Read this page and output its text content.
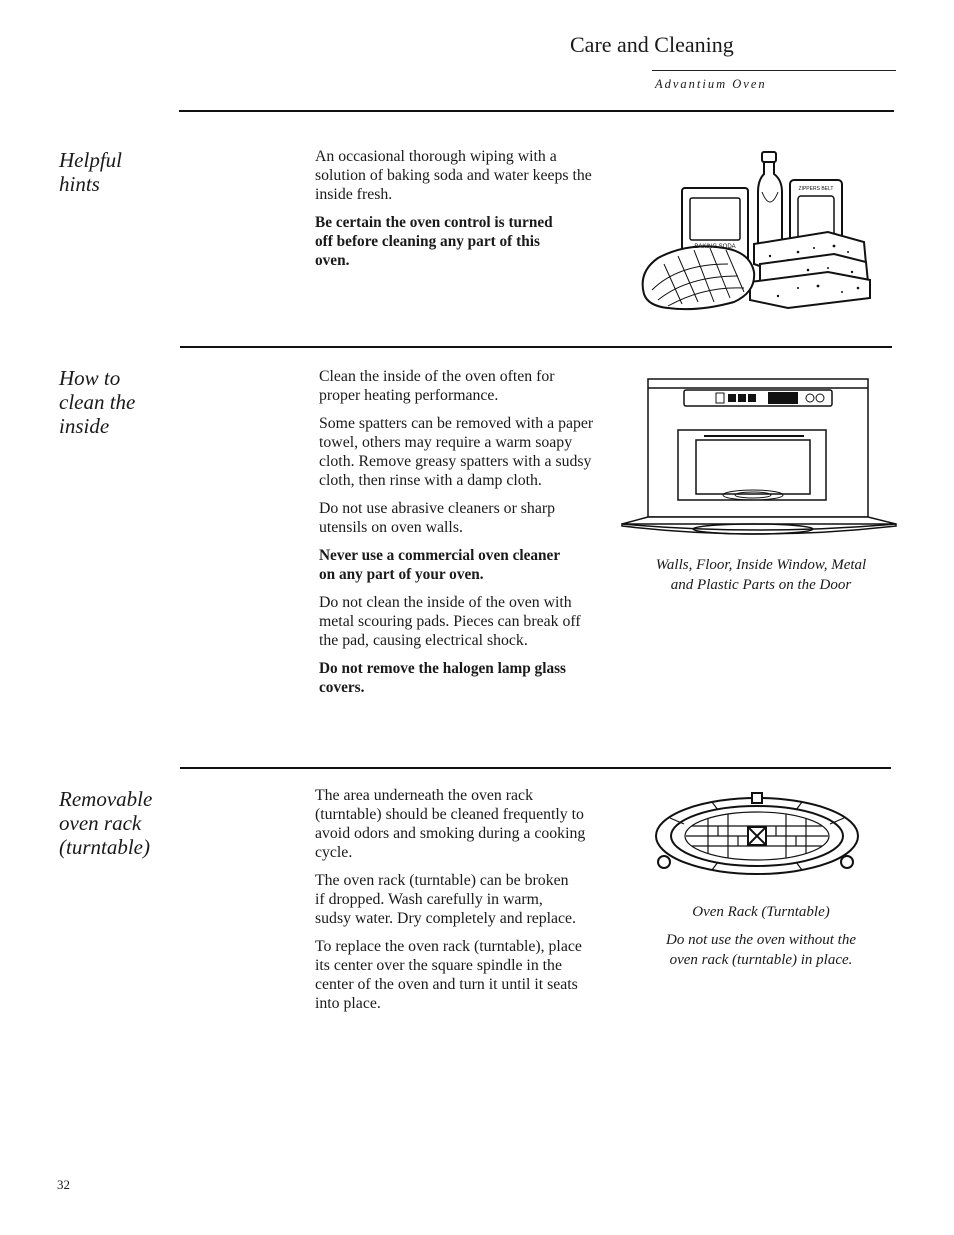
Care and Cleaning
Advantium Oven
Helpful
hints

An occasional thorough wiping with a solution of baking soda and water keeps the inside fresh.

Be certain the oven control is turned off before cleaning any part of this oven.

BAKING SODA
ZIPPERS BELT
How to
clean the
inside

Clean the inside of the oven often for proper heating performance.

Some spatters can be removed with a paper towel, others may require a warm soapy cloth. Remove greasy spatters with a sudsy cloth, then rinse with a damp cloth.

Do not use abrasive cleaners or sharp utensils on oven walls.

Never use a commercial oven cleaner on any part of your oven.

Do not clean the inside of the oven with metal scouring pads. Pieces can break off the pad, causing electrical shock.

Do not remove the halogen lamp glass covers.

Walls, Floor, Inside Window, Metal
and Plastic Parts on the Door
Removable
oven rack
(turntable)

The area underneath the oven rack (turntable) should be cleaned frequently to avoid odors and smoking during a cooking cycle.

The oven rack (turntable) can be broken if dropped. Wash carefully in warm, sudsy water. Dry completely and replace.

To replace the oven rack (turntable), place its center over the square spindle in the center of the oven and turn it until it seats into place.

Oven Rack (Turntable)
Do not use the oven without the
oven rack (turntable) in place.
32
